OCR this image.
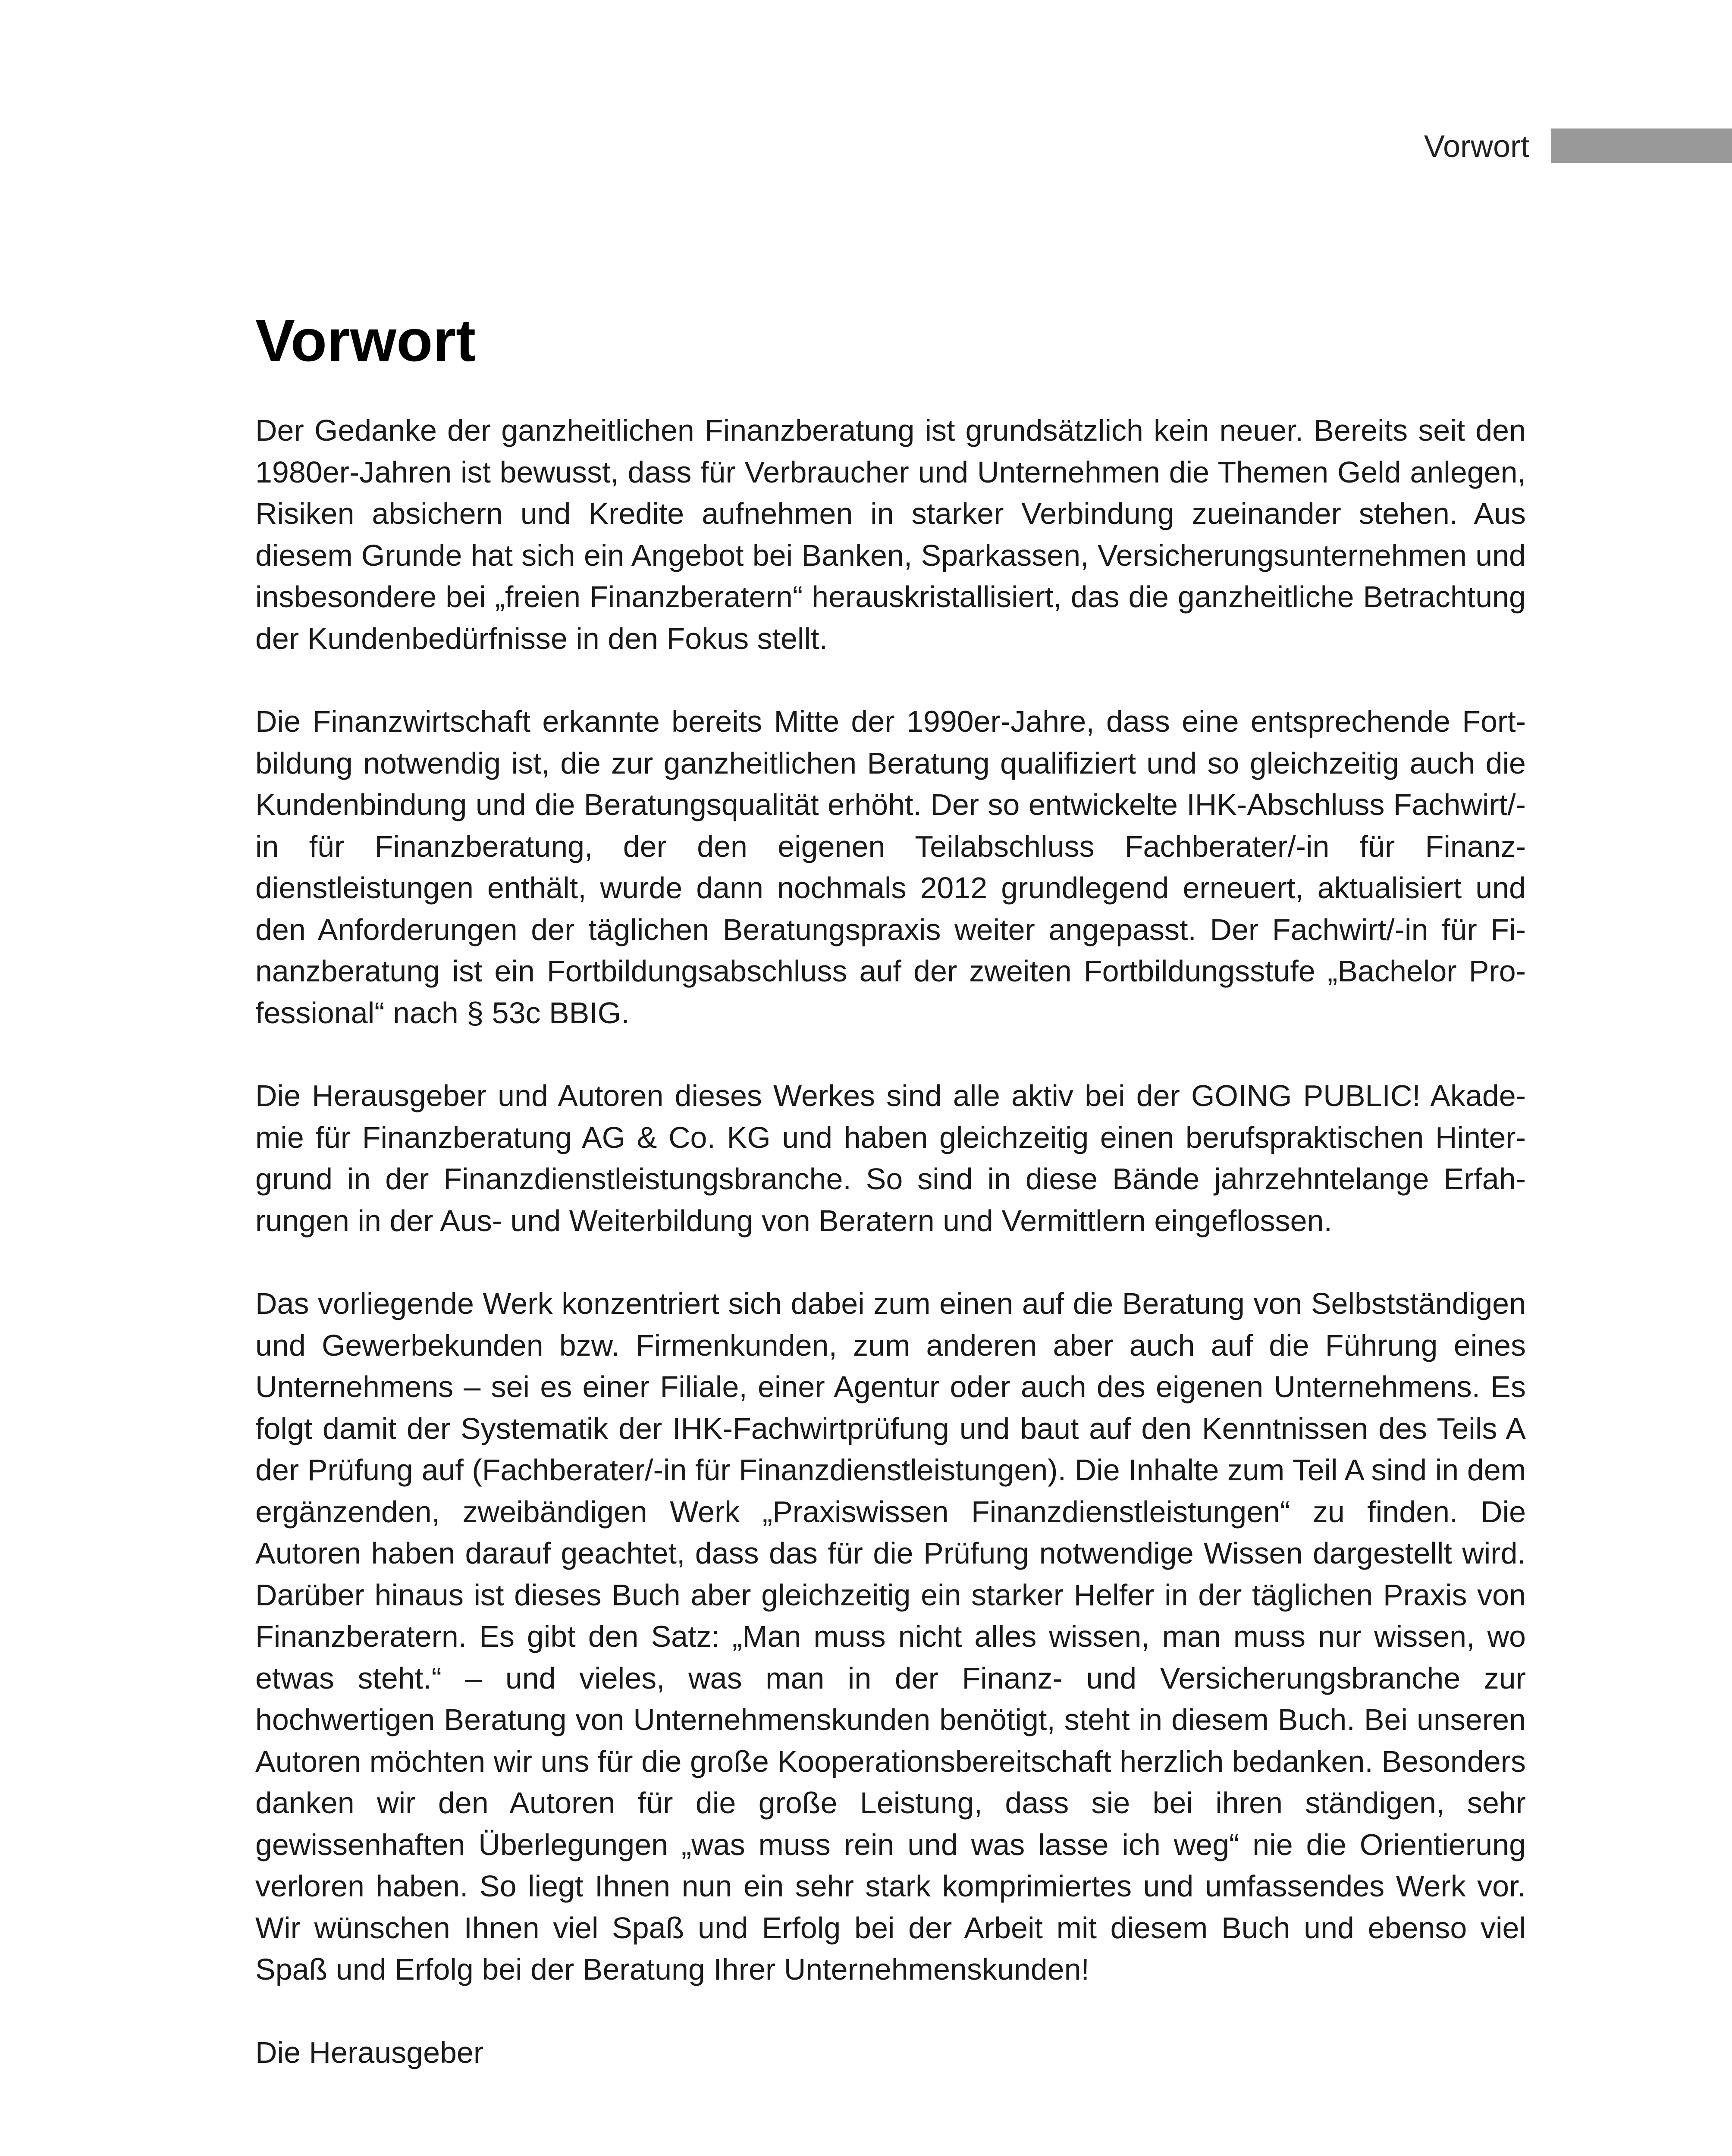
Vorwort
Vorwort

Der Gedanke der ganzheitlichen Finanzberatung ist grundsätzlich kein neuer. Bereits seit den 1980er-Jahren ist bewusst, dass für Verbraucher und Unternehmen die Themen Geld anlegen, Risiken absichern und Kredite aufnehmen in starker Verbindung zueinander stehen. Aus diesem Grunde hat sich ein Angebot bei Banken, Sparkassen, Versicherungsunternehmen und insbesondere bei „freien Finanzberatern“ herauskristallisiert, das die ganzheitliche Betrachtung der Kundenbedürfnisse in den Fokus stellt.

Die Finanzwirtschaft erkannte bereits Mitte der 1990er-Jahre, dass eine entsprechende Fortbildung notwendig ist, die zur ganzheitlichen Beratung qualifiziert und so gleichzeitig auch die Kundenbindung und die Beratungsqualität erhöht. Der so entwickelte IHK-Abschluss Fachwirt/-in für Finanzberatung, der den eigenen Teilabschluss Fachberater/-in für Finanzdienstleistungen enthält, wurde dann nochmals 2012 grundlegend erneuert, aktualisiert und den Anforderungen der täglichen Beratungspraxis weiter angepasst. Der Fachwirt/-in für Finanzberatung ist ein Fortbildungsabschluss auf der zweiten Fortbildungsstufe „Bachelor Professional“ nach § 53c BBIG.

Die Herausgeber und Autoren dieses Werkes sind alle aktiv bei der GOING PUBLIC! Akademie für Finanzberatung AG & Co. KG und haben gleichzeitig einen berufspraktischen Hintergrund in der Finanzdienstleistungsbranche. So sind in diese Bände jahrzehntelange Erfahrungen in der Aus- und Weiterbildung von Beratern und Vermittlern eingeflossen.

Das vorliegende Werk konzentriert sich dabei zum einen auf die Beratung von Selbstständigen und Gewerbekunden bzw. Firmenkunden, zum anderen aber auch auf die Führung eines Unternehmens – sei es einer Filiale, einer Agentur oder auch des eigenen Unternehmens. Es folgt damit der Systematik der IHK-Fachwirtprüfung und baut auf den Kenntnissen des Teils A der Prüfung auf (Fachberater/-in für Finanzdienstleistungen). Die Inhalte zum Teil A sind in dem ergänzenden, zweibändigen Werk „Praxiswissen Finanzdienstleistungen“ zu finden. Die Autoren haben darauf geachtet, dass das für die Prüfung notwendige Wissen dargestellt wird. Darüber hinaus ist dieses Buch aber gleichzeitig ein starker Helfer in der täglichen Praxis von Finanzberatern. Es gibt den Satz: „Man muss nicht alles wissen, man muss nur wissen, wo etwas steht.“ – und vieles, was man in der Finanz- und Versicherungsbranche zur hochwertigen Beratung von Unternehmenskunden benötigt, steht in diesem Buch. Bei unseren Autoren möchten wir uns für die große Kooperationsbereitschaft herzlich bedanken. Besonders danken wir den Autoren für die große Leistung, dass sie bei ihren ständigen, sehr gewissenhaften Überlegungen „was muss rein und was lasse ich weg“ nie die Orientierung verloren haben. So liegt Ihnen nun ein sehr stark komprimiertes und umfassendes Werk vor. Wir wünschen Ihnen viel Spaß und Erfolg bei der Arbeit mit diesem Buch und ebenso viel Spaß und Erfolg bei der Beratung Ihrer Unternehmenskunden!

Die Herausgeber
